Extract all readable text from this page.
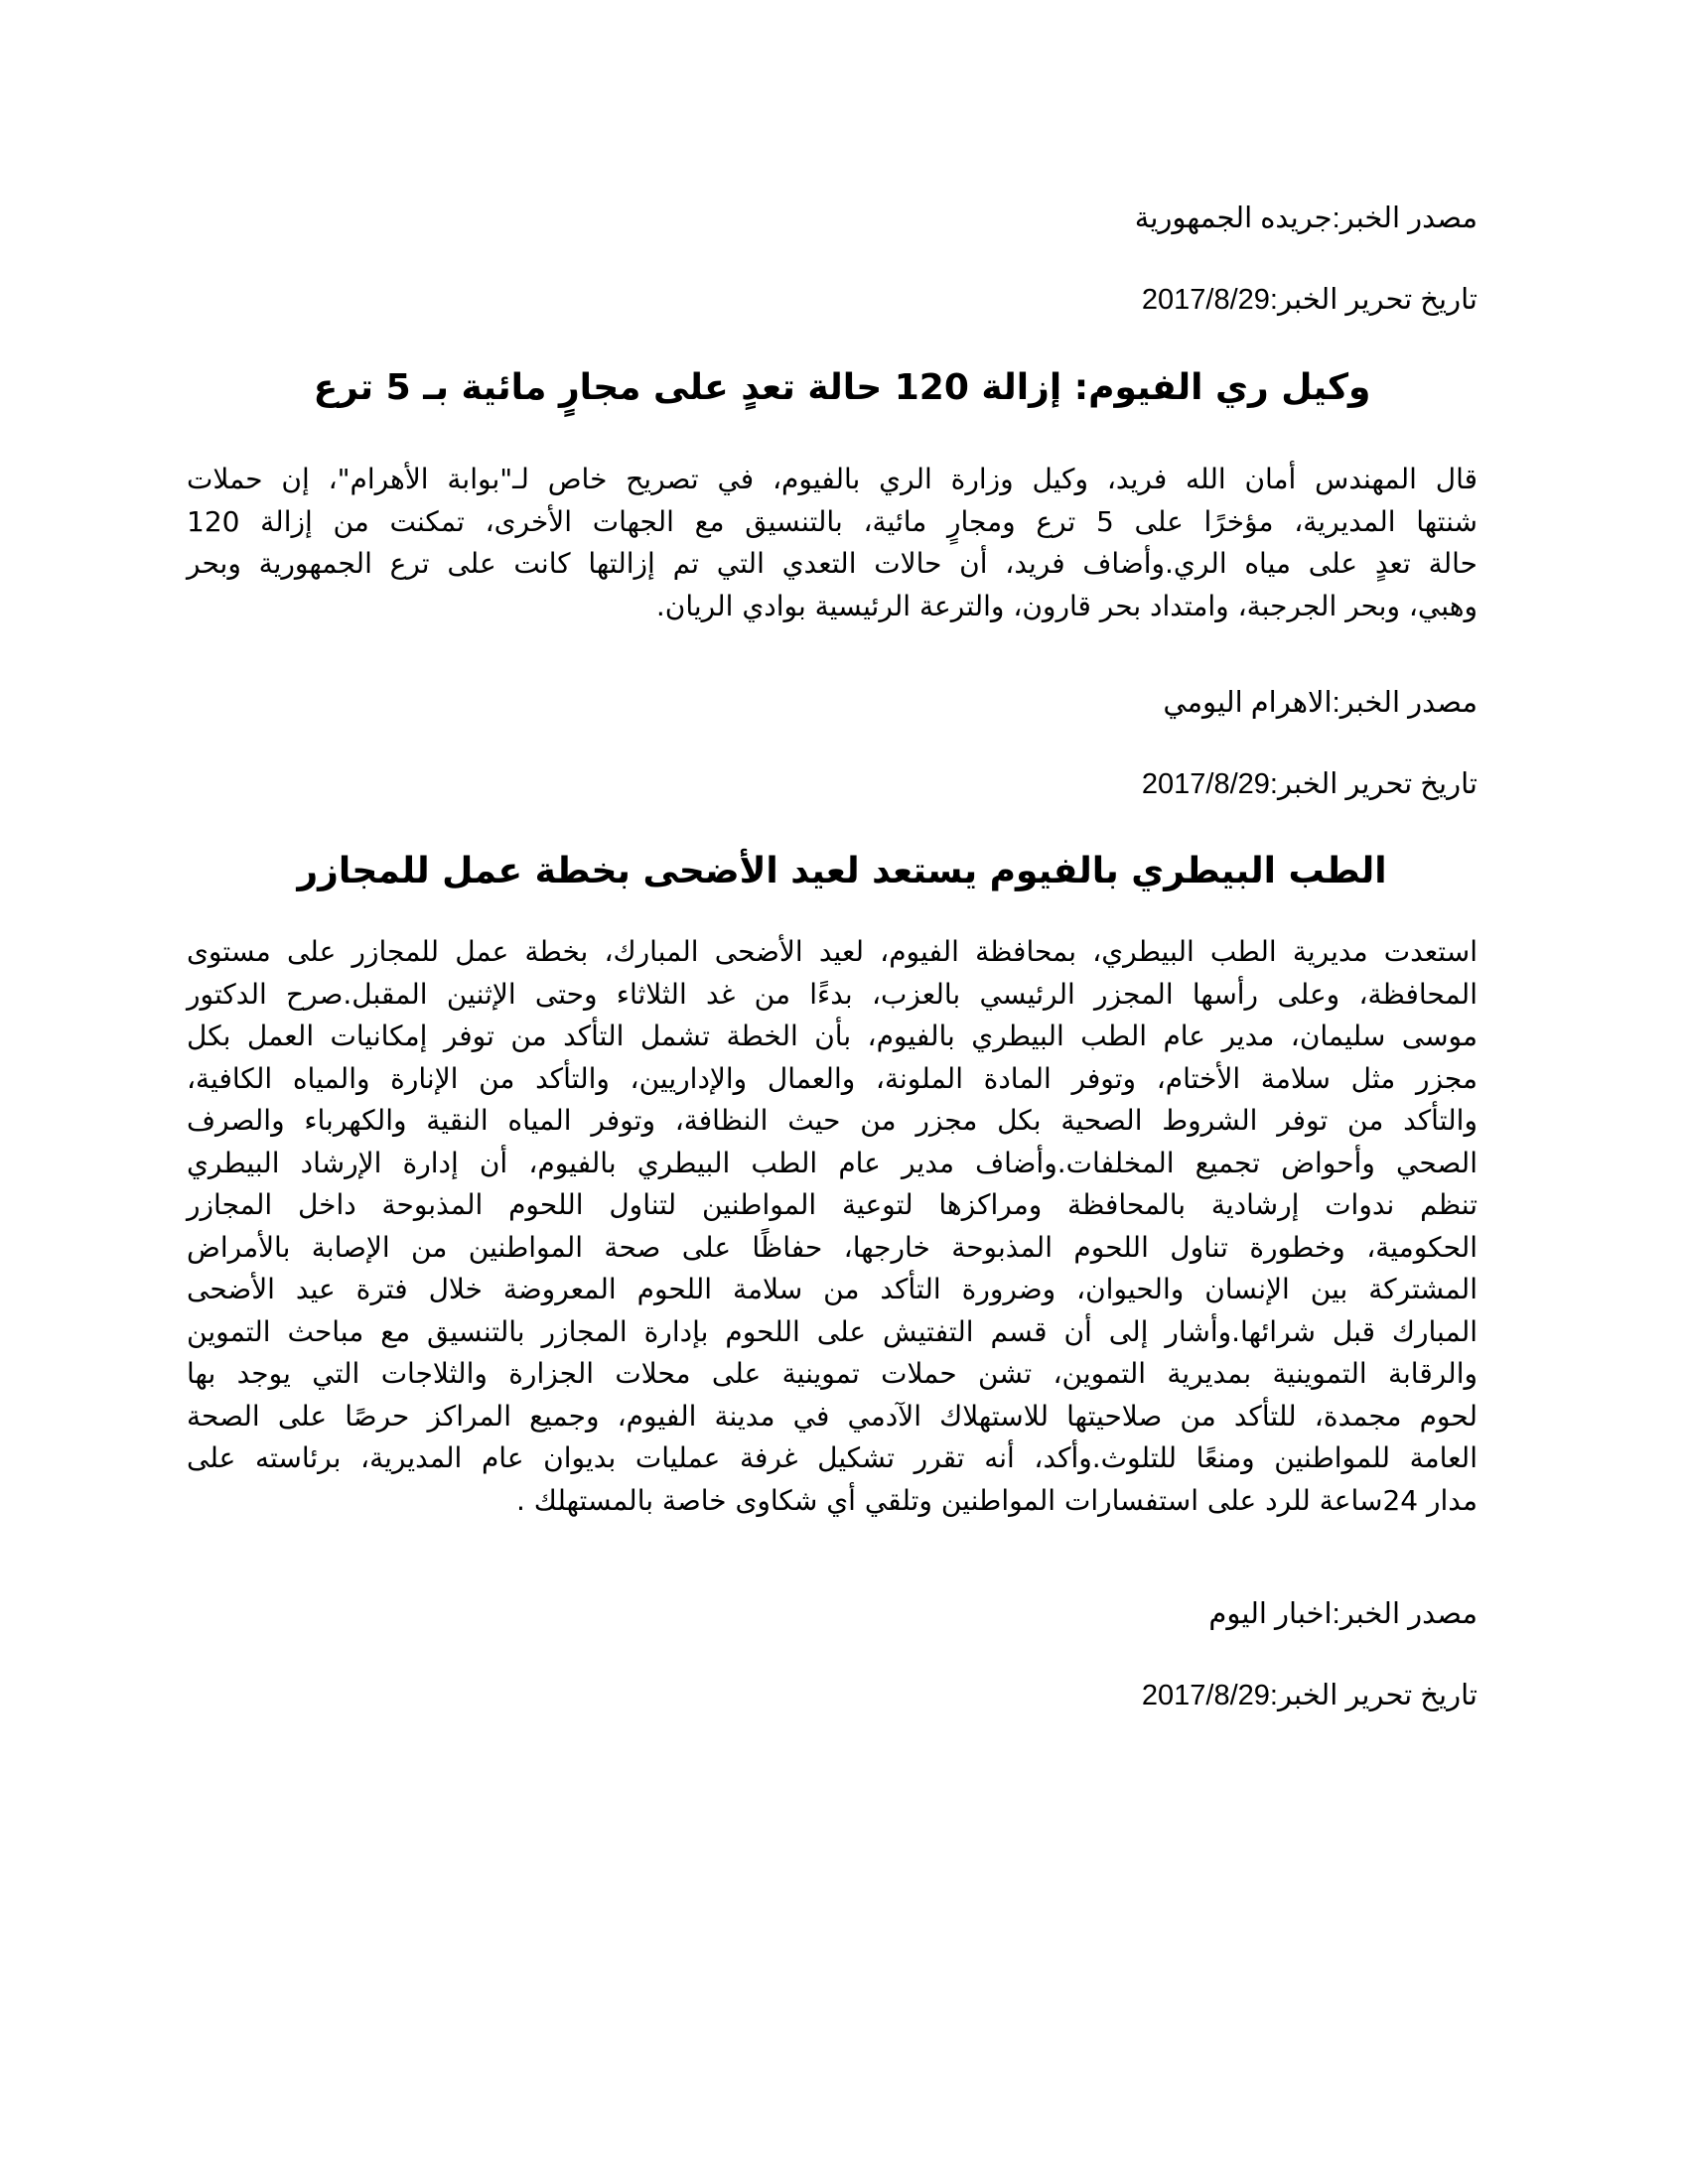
مصدر الخبر:جريده الجمهورية
تاريخ تحرير الخبر:2017/8/29
وكيل ري الفيوم: إزالة 120 حالة تعدٍ على مجارٍ مائية بـ 5 ترع
قال المهندس أمان الله فريد، وكيل وزارة الري بالفيوم، في تصريح خاص لـ"بوابة الأهرام"، إن حملات
شنتها المديرية، مؤخرًا على 5 ترع ومجارٍ مائية، بالتنسيق مع الجهات الأخرى، تمكنت من إزالة 120
حالة تعدٍ على مياه الري.وأضاف فريد، أن حالات التعدي التي تم إزالتها كانت على ترع الجمهورية وبحر
وهبي، وبحر الجرجبة، وامتداد بحر قارون، والترعة الرئيسية بوادي الريان.
مصدر الخبر:الاهرام اليومي
تاريخ تحرير الخبر:2017/8/29
الطب البيطري بالفيوم يستعد لعيد الأضحى بخطة عمل للمجازر
استعدت مديرية الطب البيطري، بمحافظة الفيوم، لعيد الأضحى المبارك، بخطة عمل للمجازر على مستوى
المحافظة، وعلى رأسها المجزر الرئيسي بالعزب، بدءًا من غد الثلاثاء وحتى الإثنين المقبل.صرح الدكتور
موسى سليمان، مدير عام الطب البيطري بالفيوم، بأن الخطة تشمل التأكد من توفر إمكانيات العمل بكل
مجزر مثل سلامة الأختام، وتوفر المادة الملونة، والعمال والإداريين، والتأكد من الإنارة والمياه الكافية،
والتأكد من توفر الشروط الصحية بكل مجزر من حيث النظافة، وتوفر المياه النقية والكهرباء والصرف
الصحي وأحواض تجميع المخلفات.وأضاف مدير عام الطب البيطري بالفيوم، أن إدارة الإرشاد البيطري
تنظم ندوات إرشادية بالمحافظة ومراكزها لتوعية المواطنين لتناول اللحوم المذبوحة داخل المجازر
الحكومية، وخطورة تناول اللحوم المذبوحة خارجها، حفاظًا على صحة المواطنين من الإصابة بالأمراض
المشتركة بين الإنسان والحيوان، وضرورة التأكد من سلامة اللحوم المعروضة خلال فترة عيد الأضحى
المبارك قبل شرائها.وأشار إلى أن قسم التفتيش على اللحوم بإدارة المجازر بالتنسيق مع مباحث التموين
والرقابة التموينية بمديرية التموين، تشن حملات تموينية على محلات الجزارة والثلاجات التي يوجد بها
لحوم مجمدة، للتأكد من صلاحيتها للاستهلاك الآدمي في مدينة الفيوم، وجميع المراكز حرصًا على الصحة
العامة للمواطنين ومنعًا للتلوث.وأكد، أنه تقرر تشكيل غرفة عمليات بديوان عام المديرية، برئاسته على
مدار 24ساعة للرد على استفسارات المواطنين وتلقي أي شكاوى خاصة بالمستهلك .
مصدر الخبر:اخبار اليوم
تاريخ تحرير الخبر:2017/8/29
